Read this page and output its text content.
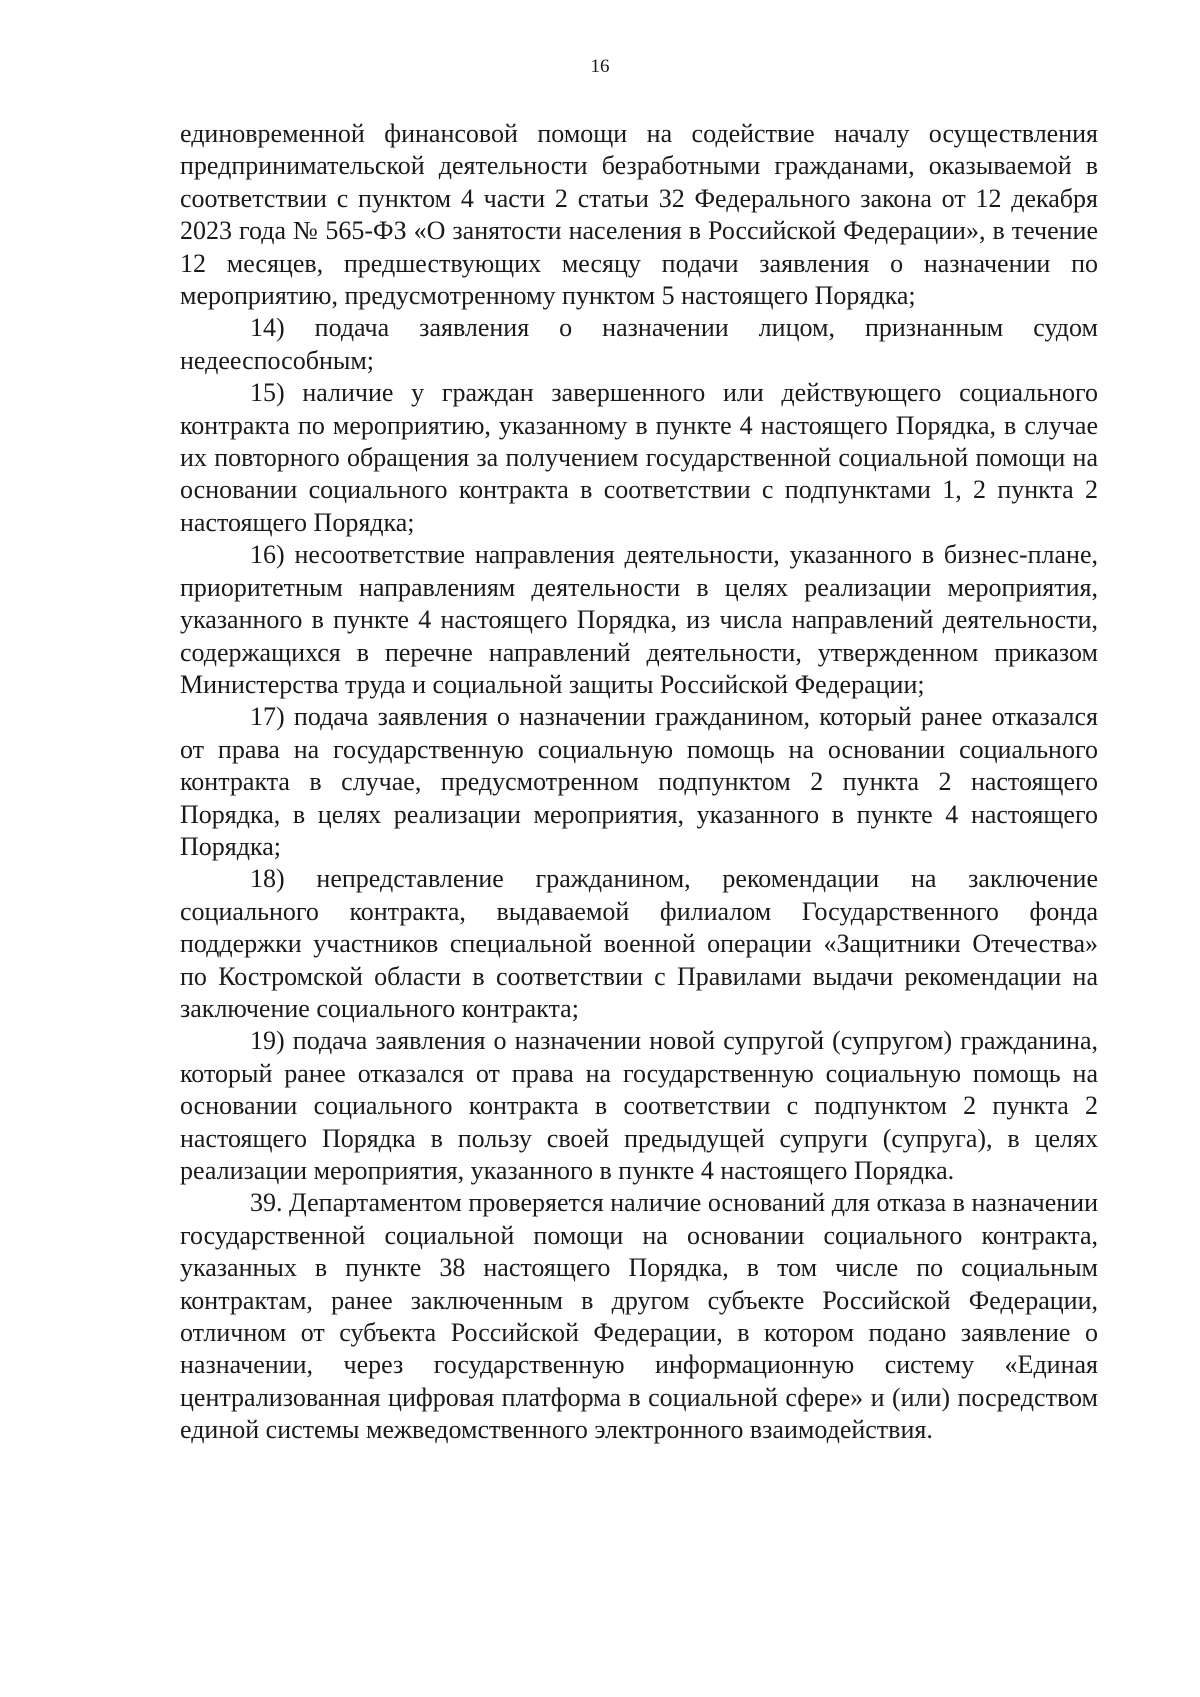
16

единовременной финансовой помощи на содействие началу осуществления предпринимательской деятельности безработными гражданами, оказываемой в соответствии с пунктом 4 части 2 статьи 32 Федерального закона от 12 декабря 2023 года № 565-ФЗ «О занятости населения в Российской Федерации», в течение 12 месяцев, предшествующих месяцу подачи заявления о назначении по мероприятию, предусмотренному пунктом 5 настоящего Порядка;

14) подача заявления о назначении лицом, признанным судом недееспособным;

15) наличие у граждан завершенного или действующего социального контракта по мероприятию, указанному в пункте 4 настоящего Порядка, в случае их повторного обращения за получением государственной социальной помощи на основании социального контракта в соответствии с подпунктами 1, 2 пункта 2 настоящего Порядка;

16) несоответствие направления деятельности, указанного в бизнес-плане, приоритетным направлениям деятельности в целях реализации мероприятия, указанного в пункте 4 настоящего Порядка, из числа направлений деятельности, содержащихся в перечне направлений деятельности, утвержденном приказом Министерства труда и социальной защиты Российской Федерации;

17) подача заявления о назначении гражданином, который ранее отказался от права на государственную социальную помощь на основании социального контракта в случае, предусмотренном подпунктом 2 пункта 2 настоящего Порядка, в целях реализации мероприятия, указанного в пункте 4 настоящего Порядка;

18) непредставление гражданином, рекомендации на заключение социального контракта, выдаваемой филиалом Государственного фонда поддержки участников специальной военной операции «Защитники Отечества» по Костромской области в соответствии с Правилами выдачи рекомендации на заключение социального контракта;

19) подача заявления о назначении новой супругой (супругом) гражданина, который ранее отказался от права на государственную социальную помощь на основании социального контракта в соответствии с подпунктом 2 пункта 2 настоящего Порядка в пользу своей предыдущей супруги (супруга), в целях реализации мероприятия, указанного в пункте 4 настоящего Порядка.

39. Департаментом проверяется наличие оснований для отказа в назначении государственной социальной помощи на основании социального контракта, указанных в пункте 38 настоящего Порядка, в том числе по социальным контрактам, ранее заключенным в другом субъекте Российской Федерации, отличном от субъекта Российской Федерации, в котором подано заявление о назначении, через государственную информационную систему «Единая централизованная цифровая платформа в социальной сфере» и (или) посредством единой системы межведомственного электронного взаимодействия.
